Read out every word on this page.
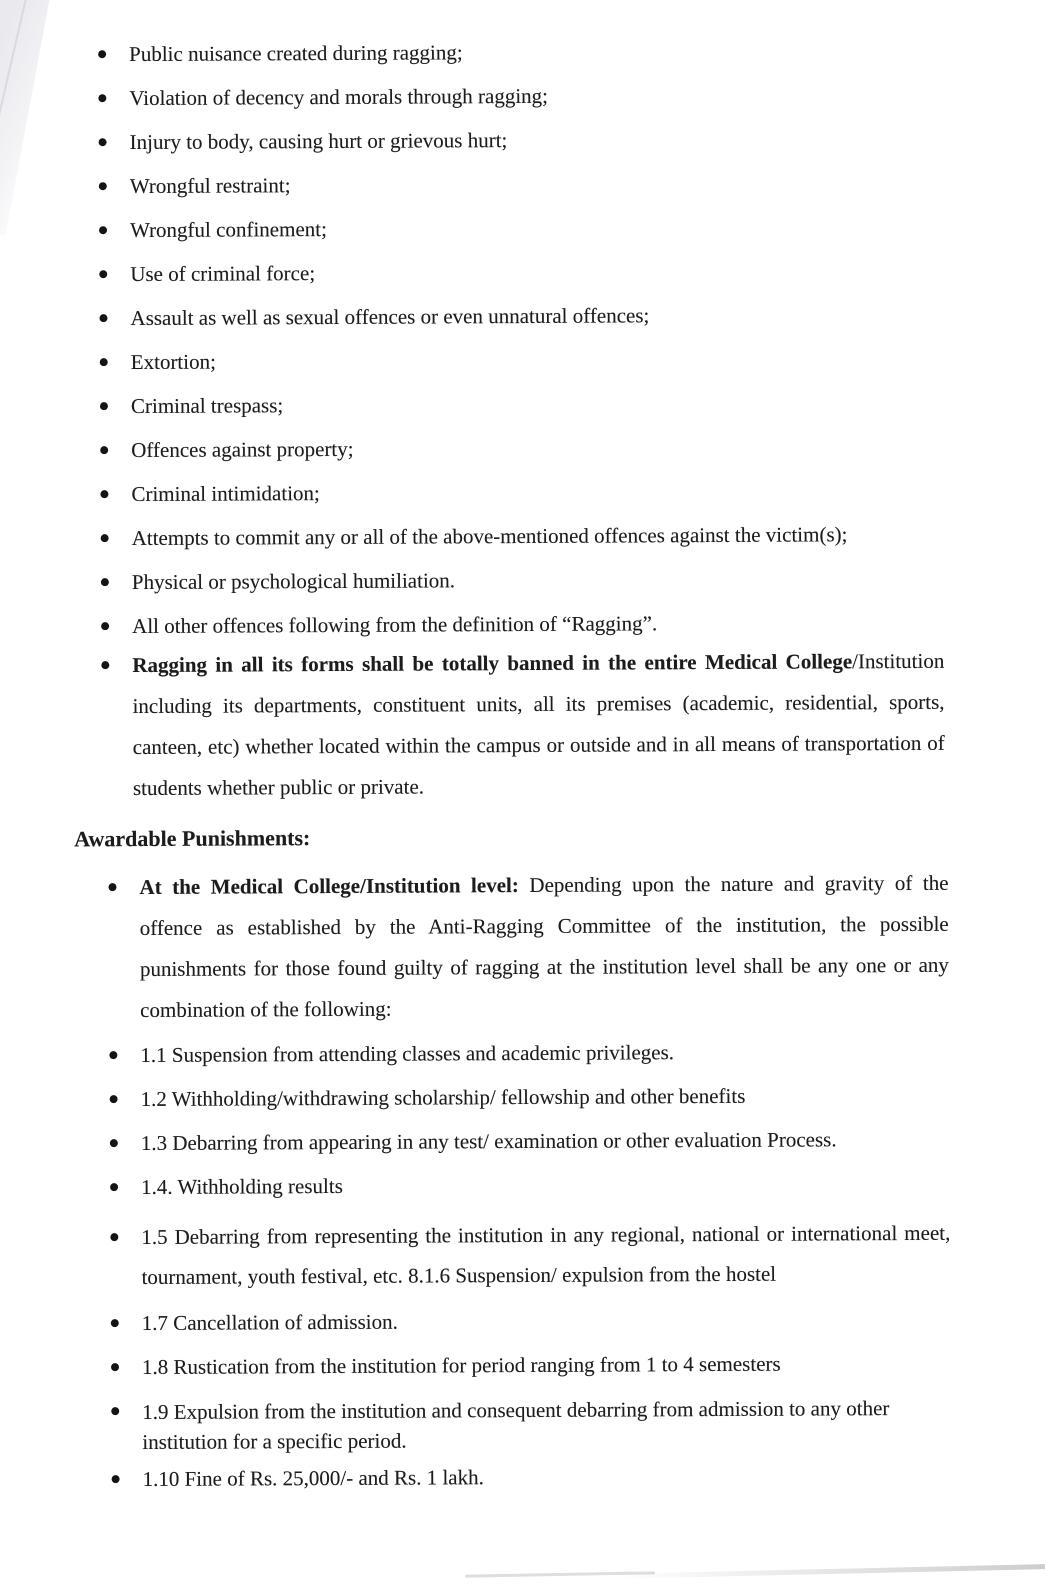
Public nuisance created during ragging;
Violation of decency and morals through ragging;
Injury to body, causing hurt or grievous hurt;
Wrongful restraint;
Wrongful confinement;
Use of criminal force;
Assault as well as sexual offences or even unnatural offences;
Extortion;
Criminal trespass;
Offences against property;
Criminal intimidation;
Attempts to commit any or all of the above-mentioned offences against the victim(s);
Physical or psychological humiliation.
All other offences following from the definition of “Ragging”.
Ragging in all its forms shall be totally banned in the entire Medical College/Institution including its departments, constituent units, all its premises (academic, residential, sports, canteen, etc) whether located within the campus or outside and in all means of transportation of students whether public or private.
Awardable Punishments:
At the Medical College/Institution level: Depending upon the nature and gravity of the offence as established by the Anti-Ragging Committee of the institution, the possible punishments for those found guilty of ragging at the institution level shall be any one or any combination of the following:
1.1 Suspension from attending classes and academic privileges.
1.2 Withholding/withdrawing scholarship/ fellowship and other benefits
1.3 Debarring from appearing in any test/ examination or other evaluation Process.
1.4. Withholding results
1.5 Debarring from representing the institution in any regional, national or international meet, tournament, youth festival, etc. 8.1.6 Suspension/ expulsion from the hostel
1.7 Cancellation of admission.
1.8 Rustication from the institution for period ranging from 1 to 4 semesters
1.9 Expulsion from the institution and consequent debarring from admission to any other institution for a specific period.
1.10 Fine of Rs. 25,000/- and Rs. 1 lakh.
